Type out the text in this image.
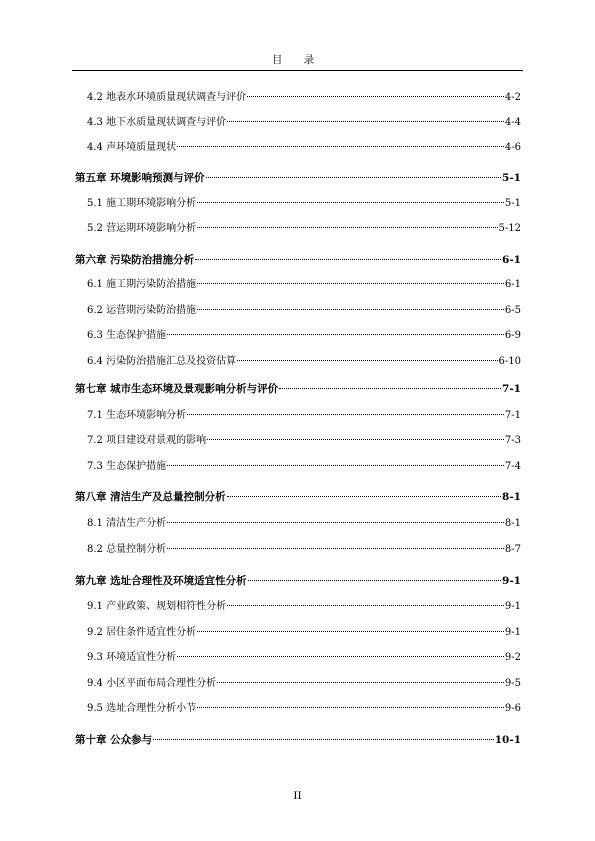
目 录
4.2 地表水环境质量现状调查与评价	4-2
4.3 地下水质量现状调查与评价	4-4
4.4 声环境质量现状	4-6
第五章 环境影响预测与评价	5-1
5.1 施工期环境影响分析	5-1
5.2 营运期环境影响分析	5-12
第六章 污染防治措施分析	6-1
6.1 施工期污染防治措施	6-1
6.2 运营期污染防治措施	6-5
6.3 生态保护措施	6-9
6.4 污染防治措施汇总及投资估算	6-10
第七章 城市生态环境及景观影响分析与评价	7-1
7.1 生态环境影响分析	7-1
7.2 项目建设对景观的影响	7-3
7.3 生态保护措施	7-4
第八章 清洁生产及总量控制分析	8-1
8.1 清洁生产分析	8-1
8.2 总量控制分析	8-7
第九章 选址合理性及环境适宜性分析	9-1
9.1 产业政策、规划相符性分析	9-1
9.2 居住条件适宜性分析	9-1
9.3 环境适宜性分析	9-2
9.4 小区平面布局合理性分析	9-5
9.5 选址合理性分析小节	9-6
第十章 公众参与	10-1
II
